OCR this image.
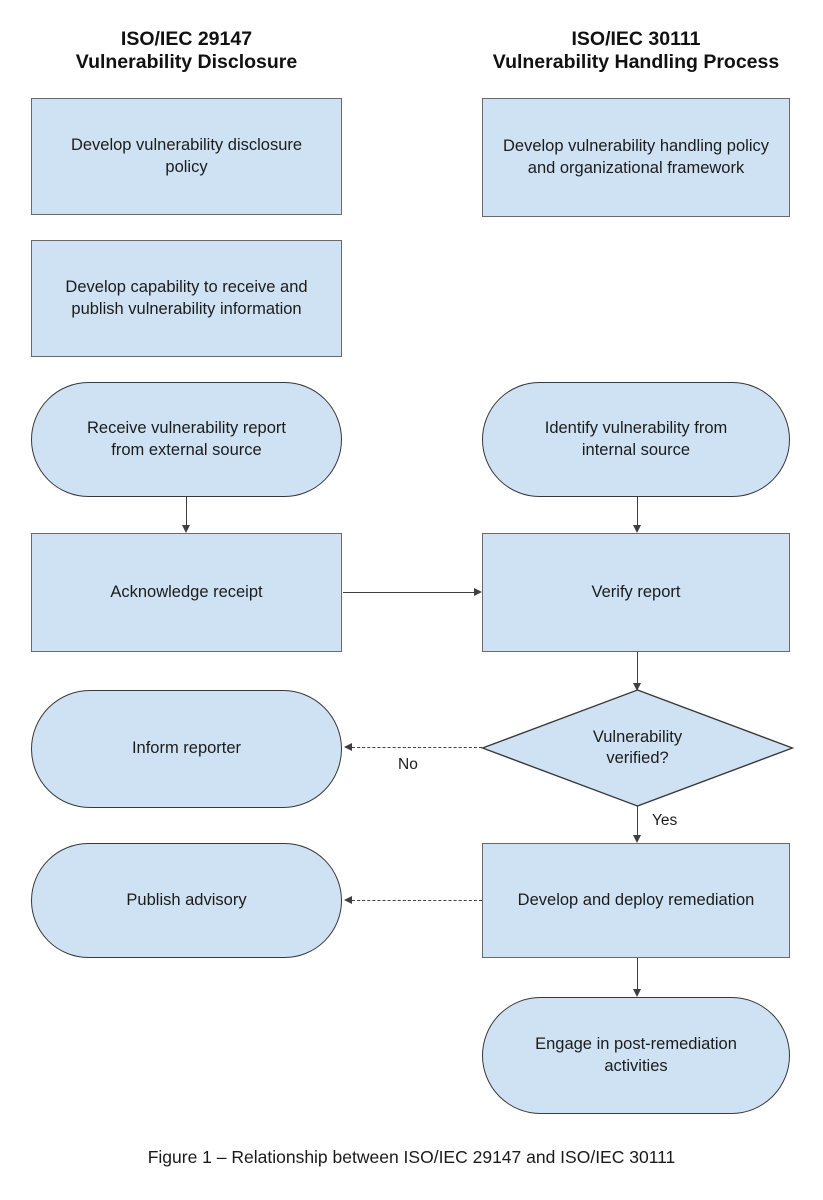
ISO/IEC 29147
Vulnerability Disclosure
ISO/IEC 30111
Vulnerability Handling Process
Develop vulnerability disclosure policy
Develop capability to receive and publish vulnerability information
Receive vulnerability report from external source
Acknowledge receipt
Inform reporter
Publish advisory
Develop vulnerability handling policy and organizational framework
Identify vulnerability from internal source
Verify report
Vulnerability verified?
Develop and deploy remediation
Engage in post-remediation activities
No
Yes
Figure 1 – Relationship between ISO/IEC 29147 and ISO/IEC 30111
